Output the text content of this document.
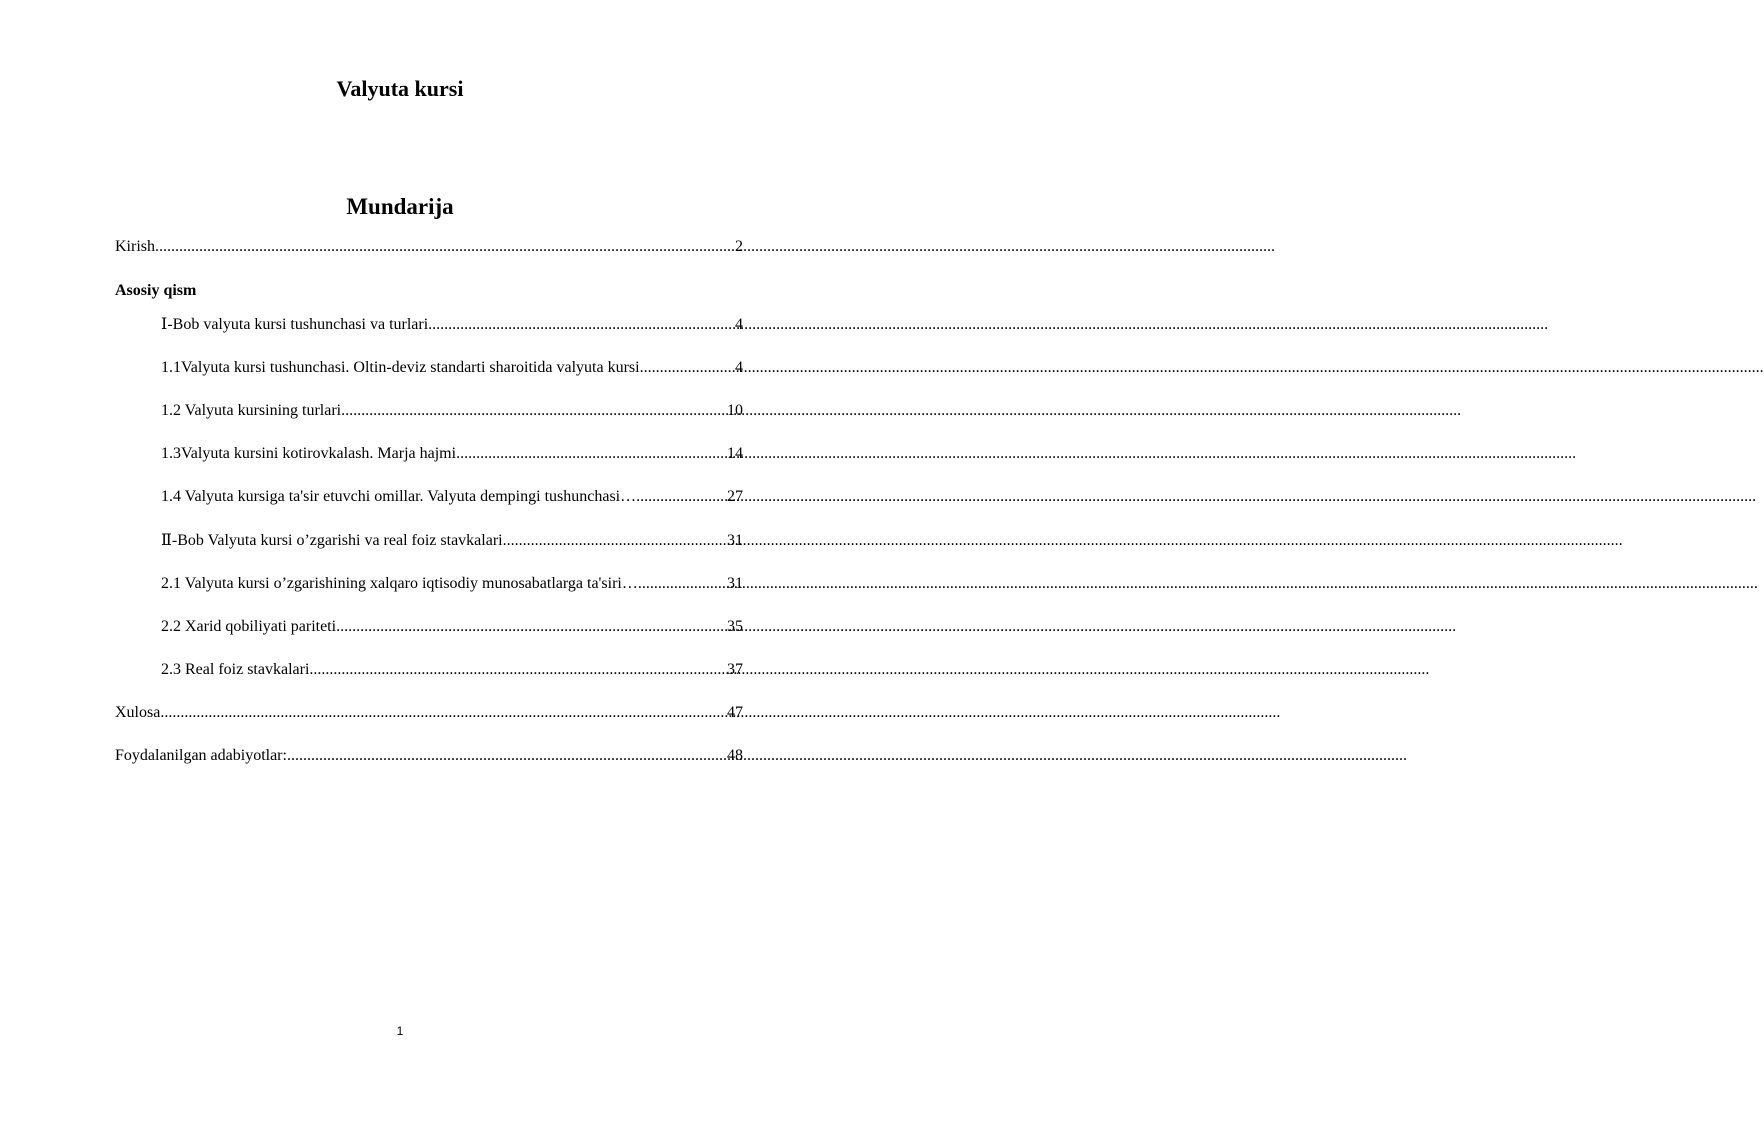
Valyuta kursi
Mundarija
Kirish .....	2
Asosiy qism
Ⅰ-Bob valyuta kursi tushunchasi va turlari .....	4
1.1Valyuta kursi tushunchasi. Oltin-deviz standarti sharoitida valyuta kursi. .....	4
1.2 Valyuta kursining turlari .....	10
1.3Valyuta kursini kotirovkalash. Marja hajmi .....	14
1.4 Valyuta kursiga ta'sir etuvchi omillar. Valyuta dempingi tushunchasi… .....	27
Ⅱ-Bob Valyuta kursi o’zgarishi va real foiz stavkalari .....	31
2.1 Valyuta kursi o’zgarishining xalqaro iqtisodiy munosabatlarga ta'siri… .....	31
2.2 Xarid qobiliyati pariteti .....	35
2.3 Real foiz stavkalari .....	37
Xulosa .....	47
Foydalanilgan adabiyotlar: .....	48
1
